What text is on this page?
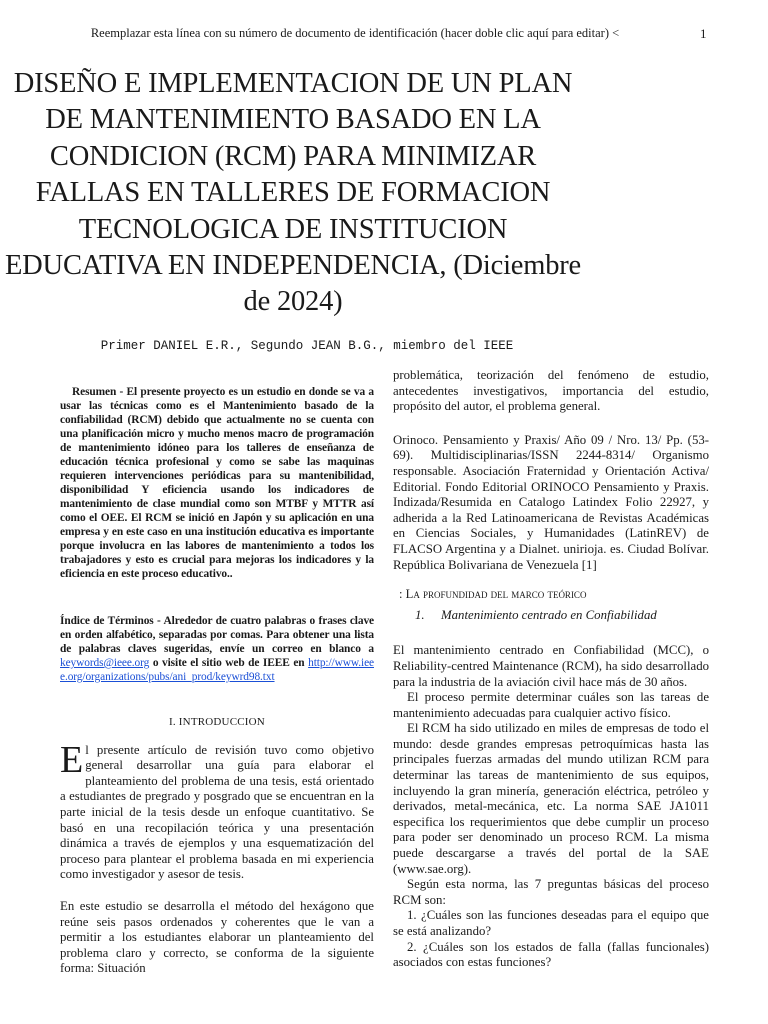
Reemplazar esta línea con su número de documento de identificación (hacer doble clic aquí para editar) <	1
DISEÑO E IMPLEMENTACION DE UN PLAN DE MANTENIMIENTO BASADO EN LA CONDICION (RCM) PARA MINIMIZAR FALLAS EN TALLERES DE FORMACION TECNOLOGICA DE INSTITUCION EDUCATIVA EN INDEPENDENCIA, (Diciembre de 2024)
Primer DANIEL E.R., Segundo JEAN B.G., miembro del IEEE

Resumen - El presente proyecto es un estudio en donde se va a usar las técnicas como es el Mantenimiento basado de la confiabilidad (RCM) debido que actualmente no se cuenta con una planificación micro y mucho menos macro de programación de mantenimiento idóneo para los talleres de enseñanza de educación técnica profesional y como se sabe las maquinas requieren intervenciones periódicas para su mantenibilidad, disponibilidad Y eficiencia usando los indicadores de mantenimiento de clase mundial como son MTBF y MTTR así como el OEE. El RCM se inició en Japón y su aplicación en una empresa y en este caso en una institución educativa es importante porque involucra en las labores de mantenimiento a todos los trabajadores y esto es crucial para mejoras los indicadores y la eficiencia en este proceso educativo..

Índice de Términos - Alrededor de cuatro palabras o frases clave en orden alfabético, separadas por comas. Para obtener una lista de palabras claves sugeridas, envíe un correo en blanco a keywords@ieee.org o visite el sitio web de IEEE en http://www.ieee.org/organizations/pubs/ani_prod/keywrd98.txt

I. INTRODUCCION

El presente artículo de revisión tuvo como objetivo general desarrollar una guía para elaborar el planteamiento del problema de una tesis, está orientado a estudiantes de pregrado y posgrado que se encuentran en la parte inicial de la tesis desde un enfoque cuantitativo. Se basó en una recopilación teórica y una presentación dinámica a través de ejemplos y una esquematización del proceso para plantear el problema basada en mi experiencia como investigador y asesor de tesis.

En este estudio se desarrolla el método del hexágono que reúne seis pasos ordenados y coherentes que le van a permitir a los estudiantes elaborar un planteamiento del problema claro y correcto, se conforma de la siguiente forma: Situación

problemática, teorización del fenómeno de estudio, antecedentes investigativos, importancia del estudio, propósito del autor, el problema general.

Orinoco. Pensamiento y Praxis/ Año 09 / Nro. 13/ Pp. (53-69). Multidisciplinarias/ISSN 2244-8314/ Organismo responsable. Asociación Fraternidad y Orientación Activa/ Editorial. Fondo Editorial ORINOCO Pensamiento y Praxis. Indizada/Resumida en Catalogo Latindex Folio 22927, y adherida a la Red Latinoamericana de Revistas Académicas en Ciencias Sociales, y Humanidades (LatinREV) de FLACSO Argentina y a Dialnet. unirioja. es. Ciudad Bolívar. República Bolivariana de Venezuela [1]

: La profundidad del marco teórico
1. Mantenimiento centrado en Confiabilidad

El mantenimiento centrado en Confiabilidad (MCC), o Reliability-centred Maintenance (RCM), ha sido desarrollado para la industria de la aviación civil hace más de 30 años.

El proceso permite determinar cuáles son las tareas de mantenimiento adecuadas para cualquier activo físico.

El RCM ha sido utilizado en miles de empresas de todo el mundo: desde grandes empresas petroquímicas hasta las principales fuerzas armadas del mundo utilizan RCM para determinar las tareas de mantenimiento de sus equipos, incluyendo la gran minería, generación eléctrica, petróleo y derivados, metal-mecánica, etc. La norma SAE JA1011 especifica los requerimientos que debe cumplir un proceso para poder ser denominado un proceso RCM. La misma puede descargarse a través del portal de la SAE (www.sae.org).

Según esta norma, las 7 preguntas básicas del proceso RCM son:

1. ¿Cuáles son las funciones deseadas para el equipo que se está analizando?

2. ¿Cuáles son los estados de falla (fallas funcionales) asociados con estas funciones?
